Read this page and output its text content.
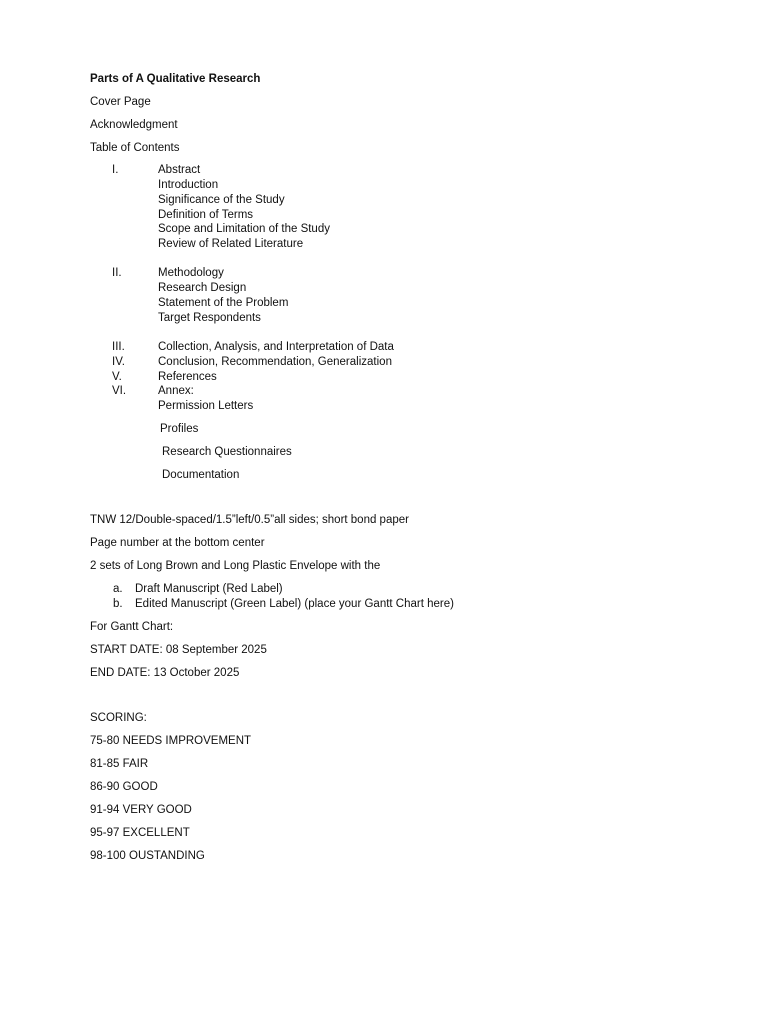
Parts of A Qualitative Research
Cover Page
Acknowledgment
Table of Contents
I.	Abstract
Introduction
Significance of the Study
Definition of Terms
Scope and Limitation of the Study
Review of Related Literature
II.	Methodology
Research Design
Statement of the Problem
Target Respondents
III.	Collection, Analysis, and Interpretation of Data
IV.	Conclusion, Recommendation, Generalization
V.	References
VI.	Annex:
Permission Letters
Profiles
Research Questionnaires
Documentation
TNW 12/Double-spaced/1.5”left/0.5”all sides; short bond paper
Page number at the bottom center
2 sets of Long Brown and Long Plastic Envelope with the
a. Draft Manuscript (Red Label)
b. Edited Manuscript (Green Label) (place your Gantt Chart here)
For Gantt Chart:
START DATE: 08 September 2025
END DATE: 13 October 2025
SCORING:
75-80 NEEDS IMPROVEMENT
81-85 FAIR
86-90 GOOD
91-94 VERY GOOD
95-97 EXCELLENT
98-100 OUSTANDING
